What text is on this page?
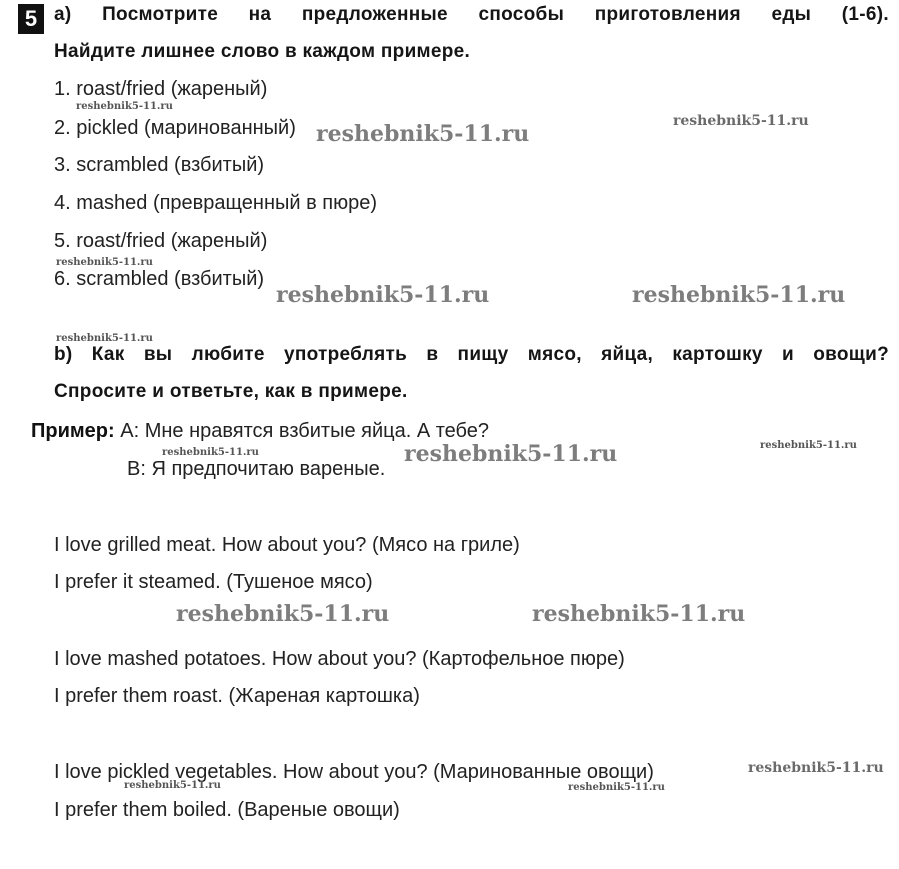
5 a) Посмотрите на предложенные способы приготовления еды (1-6).
Найдите лишнее слово в каждом примере.
1. roast/fried (жареный)
2. pickled (маринованный)
3. scrambled (взбитый)
4. mashed (превращенный в пюре)
5. roast/fried (жареный)
6. scrambled (взбитый)
b) Как вы любите употреблять в пищу мясо, яйца, картошку и овощи?
Спросите и ответьте, как в примере.
Пример: A: Мне нравятся взбитые яйца. А тебе?
B: Я предпочитаю вареные.
I love grilled meat. How about you? (Мясо на гриле)
I prefer it steamed. (Тушеное мясо)
I love mashed potatoes. How about you? (Картофельное пюре)
I prefer them roast. (Жареная картошка)
I love pickled vegetables. How about you? (Маринованные овощи)
I prefer them boiled. (Вареные овощи)
reshebnik5-11.ru
reshebnik5-11.ru	reshebnik5-11.ru
reshebnik5-11.ru
reshebnik5-11.ru	reshebnik5-11.ru
reshebnik5-11.ru
reshebnik5-11.ru
reshebnik5-11.ru
reshebnik5-11.ru
reshebnik5-11.ru	reshebnik5-11.ru
reshebnik5-11.ru
reshebnik5-11.ru	reshebnik5-11.ru
